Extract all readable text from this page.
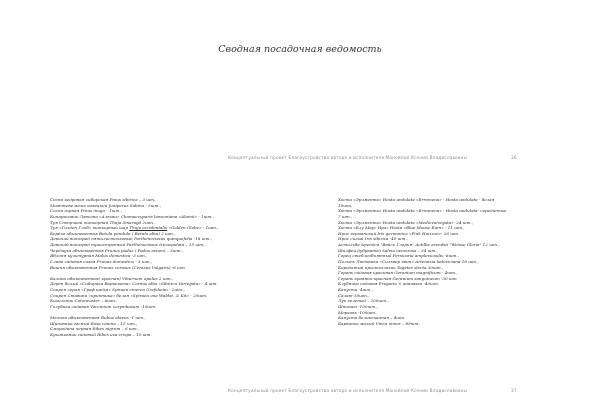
Сводная посадочная ведомость
Концептуальный проект Благоустройства автора и исполнителя Манойлой Ксении Владиславовны	36
Сосна кедровая сибирская Pinus sibirica – 3 шт.,
Можжевельник казацкий Juniperus Sabina - 5шт.,
Сосна горная Pinus mugo - 1шт.,
Кипарисовик Лавсона «Алюми» Chamaecyparis lawsoniana «Alumii» - 1шт.,
Туя Стюрчкой тонкорная Thuja Smaragd 2шт.,
Туя «Голден Глоб» тонкорный шар Thuja occidentalis «Golden Globe» - 1шт.,
Берёза обыкновенная Betula pendula ( Betula alba) 2 шт.,
Девичий виноград пятилисточковый Parthenocissus quinquefolia -18 шт.,
Девичий виноград триостренный Parthenocissus tricuspidata – 15 шт.,
Черёмуха обыкновенная Prunus padus ( Padus avium) – 3шт.,
Яблоня культурная Malus domestica -3 шт.,
Слива садовая сизая Prunus domestica - 3 шт.,
Вишня обыкновенная Prunus cerasus (Cerasus Vulgaris) -6 шт.
Калина обыкновенная( красная) Viburnum opulus 2 шт.,
Дерен белый «Сибирика Вариегата» Cornus alba «Sibirica Variegata» - 4 шт.
Спирея серая «Граф шейм» Spiraea cinerea Grefsheim - 2шт.,
Спирея Ставина «криптика» белая «Spiraea ona Waldst. & Kit» - 20шт.
Кизильник Cotoneaster – 6шт.,
Голубика садовая Vaccinium corymbosum -10шт.
Малина обыкновенная Rubus idaeus -1 шт.,
Шиповник гасный Rosa canina – 15 шт.,
Смородина черная Ribes nigrum – 6 шт.,
Крыжовник садовый Ribes uva-crispa – 10 шт.
Хоста «Эрлмента» Hosta undulata «Erromena» - Hosta undulata - белая
10шт,
Хоста «Эрлмента» Hosta undulata «Erromena» - Hosta undulata- серединные
7 шт.,
Хоста «Эрлмента» Hosta undulata «Mediovariegata»- 24 шт.,
Хоста «Блу Маус Ирз» Hosta «Blue Mouse Ears» - 11 шт.,
Ирис германский Iris germanica «Fink Horizon»- 26 шт
Ирис сизый Iris sibirica -40 шт.,
Астильба Арендса "Вайсе Глория" Actilbe arendsii "Weisse Gloria" 12 шт.,
Шалфей дубравный Salvia nemorosa – 34 шт.,
Горец стеблеобъятный Persicaria amplexicaulis -6шт.,
Полынь Людовика «Сильвер квин» Artemisia ludoviciana-18 шт.,
Бородатый простоглазик Tagetes slecta 30шт.,
Герань садовая красивая Geranium magnificum - 4шт.,
Герань кровяно-красная Geranium sanguineum -30 шт
Клубника садовая Fragaria × ananassa -40шт.
Капуста -4шт.,
Салат-10шт.,
Лук зеленый – 200шт.,
Шпинат -100шт.,
Морковь -100шт.,
Капуста белокочанная – 4шт.
Барвинок малый Vinca minor – 89шт.
Концептуальный проект Благоустройства автора и исполнителя Манойлой Ксении Владиславовны	37
